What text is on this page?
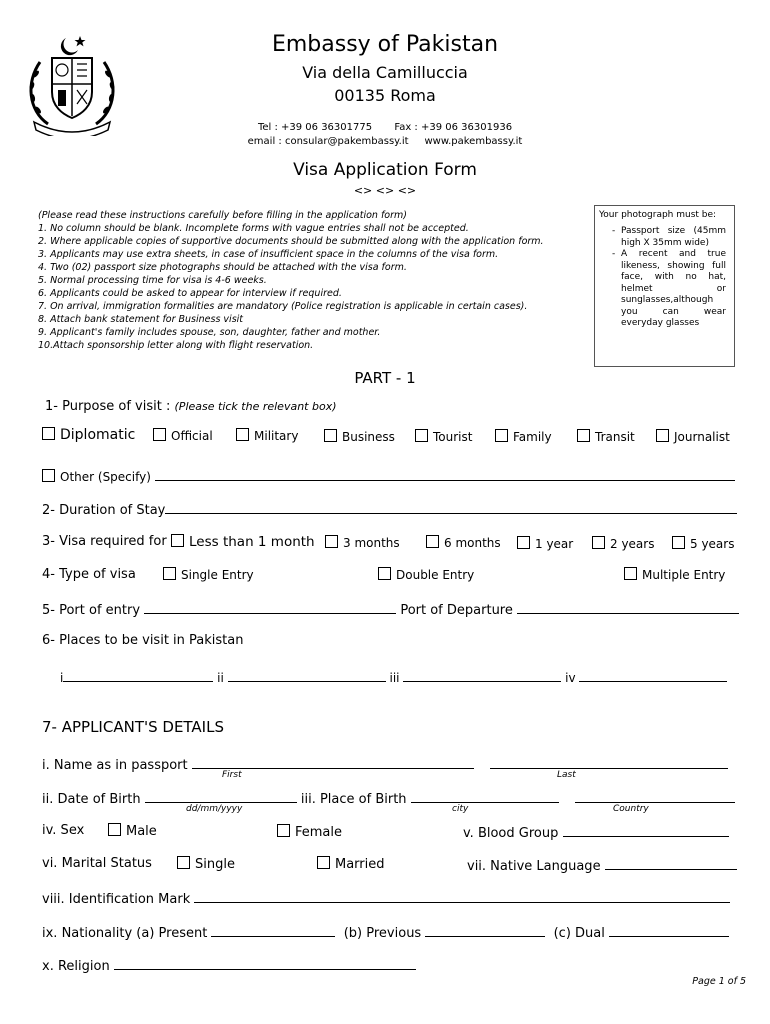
Embassy of Pakistan
Via della Camilluccia
00135 Roma
Tel : +39 06 36301775 Fax : +39 06 36301936
email : consular@pakembassy.it www.pakembassy.it
Visa Application Form
<> <> <>
(Please read these instructions carefully before filling in the application form)
1. No column should be blank. Incomplete forms with vague entries shall not be accepted.
2. Where applicable copies of supportive documents should be submitted along with the application form.
3. Applicants may use extra sheets, in case of insufficient space in the columns of the visa form.
4. Two (02) passport size photographs should be attached with the visa form.
5. Normal processing time for visa is 4-6 weeks.
6. Applicants could be asked to appear for interview if required.
7. On arrival, immigration formalities are mandatory (Police registration is applicable in certain cases).
8. Attach bank statement for Business visit
9. Applicant's family includes spouse, son, daughter, father and mother.
10.Attach sponsorship letter along with flight reservation.
Your photograph must be:
- Passport size (45mm high X 35mm wide)
- A recent and true likeness, showing full face, with no hat, helmet or sunglasses,although you can wear everyday glasses
PART - 1
1- Purpose of visit : (Please tick the relevant box)
Diplomatic	Official	Military	Business	Tourist	Family	Transit	Journalist
Other (Specify)
2- Duration of Stay
3- Visa required for	Less than 1 month	3 months	6 months	1 year	2 years	5 years
4- Type of visa	Single Entry	Double Entry	Multiple Entry
5- Port of entry	Port of Departure
6- Places to be visit in Pakistan
i	ii	iii	iv
7- APPLICANT'S DETAILS
i. Name as in passport
First	Last
ii. Date of Birth	iii. Place of Birth
dd/mm/yyyy	city	Country
iv. Sex	Male	Female	v. Blood Group
vi. Marital Status	Single	Married	vii. Native Language
viii. Identification Mark
ix. Nationality (a) Present	(b) Previous	(c) Dual
x. Religion
Page 1 of 5
